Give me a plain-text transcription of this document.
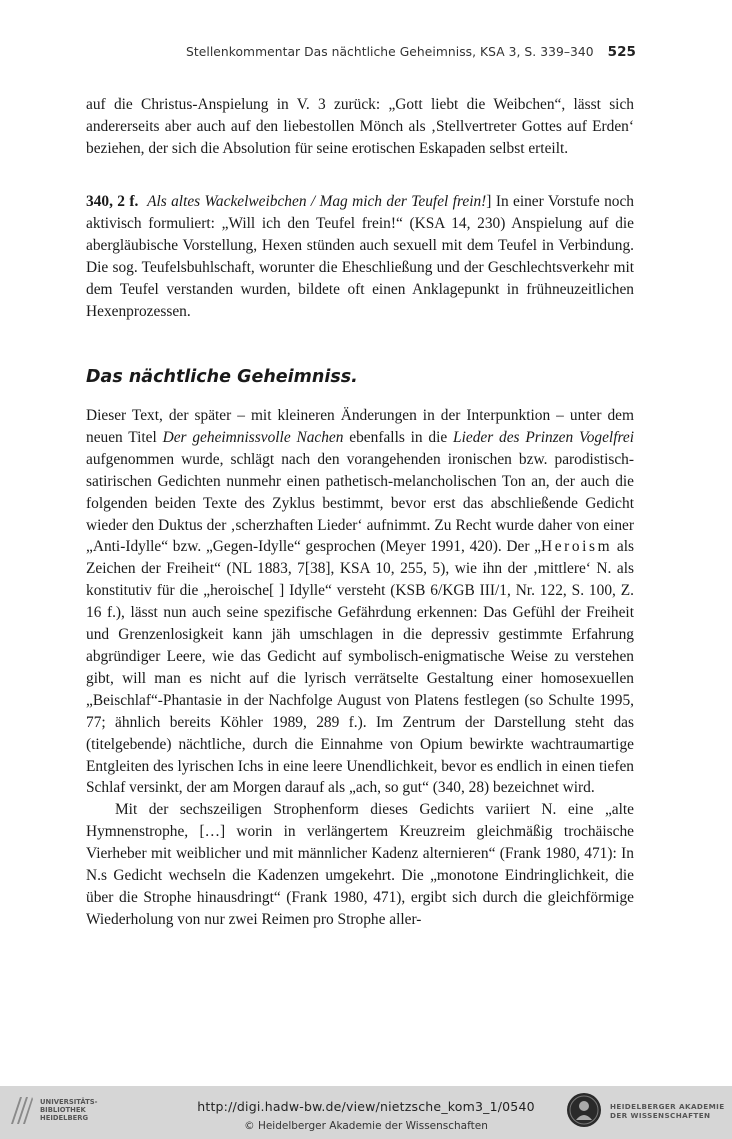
Stellenkommentar Das nächtliche Geheimniss, KSA 3, S. 339–340 525

auf die Christus-Anspielung in V. 3 zurück: „Gott liebt die Weibchen“, lässt sich andererseits aber auch auf den liebestollen Mönch als ‚Stellvertreter Gottes auf Erden‘ beziehen, der sich die Absolution für seine erotischen Eskapaden selbst erteilt.

340, 2 f. Als altes Wackelweibchen / Mag mich der Teufel frein!] In einer Vorstufe noch aktivisch formuliert: „Will ich den Teufel frein!“ (KSA 14, 230) Anspielung auf die abergläubische Vorstellung, Hexen stünden auch sexuell mit dem Teufel in Verbindung. Die sog. Teufelsbuhlschaft, worunter die Eheschließung und der Geschlechtsverkehr mit dem Teufel verstanden wurden, bildete oft einen Anklagepunkt in frühneuzeitlichen Hexenprozessen.

Das nächtliche Geheimniss.

Dieser Text, der später – mit kleineren Änderungen in der Interpunktion – unter dem neuen Titel Der geheimnissvolle Nachen ebenfalls in die Lieder des Prinzen Vogelfrei aufgenommen wurde, schlägt nach den vorangehenden ironischen bzw. parodistisch-satirischen Gedichten nunmehr einen pathetisch-melancholischen Ton an, der auch die folgenden beiden Texte des Zyklus bestimmt, bevor erst das abschließende Gedicht wieder den Duktus der ‚scherzhaften Lieder‘ aufnimmt. Zu Recht wurde daher von einer „Anti-Idylle“ bzw. „Gegen-Idylle“ gesprochen (Meyer 1991, 420). Der „Heroism als Zeichen der Freiheit“ (NL 1883, 7[38], KSA 10, 255, 5), wie ihn der ‚mittlere‘ N. als konstitutiv für die „heroische[ ] Idylle“ versteht (KSB 6/KGB III/1, Nr. 122, S. 100, Z. 16 f.), lässt nun auch seine spezifische Gefährdung erkennen: Das Gefühl der Freiheit und Grenzenlosigkeit kann jäh umschlagen in die depressiv gestimmte Erfahrung abgründiger Leere, wie das Gedicht auf symbolisch-enigmatische Weise zu verstehen gibt, will man es nicht auf die lyrisch verrätselte Gestaltung einer homosexuellen „Beischlaf“-Phantasie in der Nachfolge August von Platens festlegen (so Schulte 1995, 77; ähnlich bereits Köhler 1989, 289 f.). Im Zentrum der Darstellung steht das (titelgebende) nächtliche, durch die Einnahme von Opium bewirkte wachtraumartige Entgleiten des lyrischen Ichs in eine leere Unendlichkeit, bevor es endlich in einen tiefen Schlaf versinkt, der am Morgen darauf als „ach, so gut“ (340, 28) bezeichnet wird.

Mit der sechszeiligen Strophenform dieses Gedichts variiert N. eine „alte Hymnenstrophe, […] worin in verlängertem Kreuzreim gleichmäßig trochäische Vierheber mit weiblicher und mit männlicher Kadenz alternieren“ (Frank 1980, 471): In N.s Gedicht wechseln die Kadenzen umgekehrt. Die „monotone Eindringlichkeit, die über die Strophe hinausdringt“ (Frank 1980, 471), ergibt sich durch die gleichförmige Wiederholung von nur zwei Reimen pro Strophe aller-

UNIVERSITÄTS-
BIBLIOTHEK
HEIDELBERG
http://digi.hadw-bw.de/view/nietzsche_kom3_1/0540
© Heidelberger Akademie der Wissenschaften
HEIDELBERGER AKADEMIE
DER WISSENSCHAFTEN
